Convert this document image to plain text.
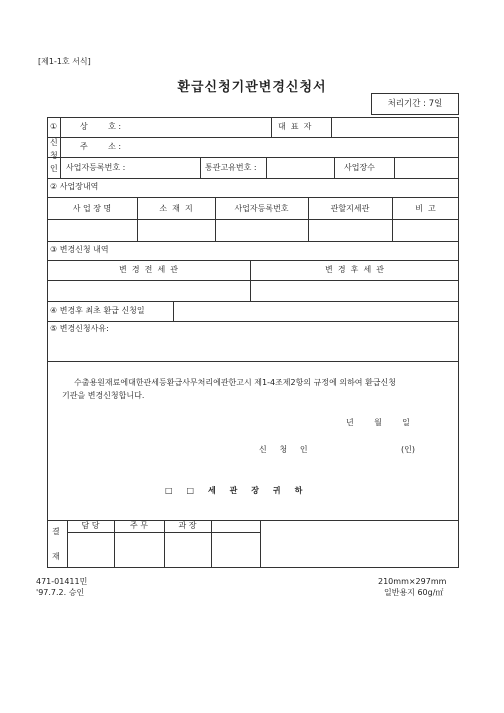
[제1-1호 서식]
환급신청기관변경신청서
처리기간 : 7일
①
신
청
인
상        호 :	대  표  자
주        소 :
사업자등록번호 :	통관고유번호 :	사업장수
② 사업장내역
사 업 장 명	소  재  지	사업자등록번호	관할지세관	비  고
③ 변경신청 내역
변  경  전  세  관	변  경  후  세  관
④ 변경후 최초 환급 신청일
⑤ 변경신청사유:
수출용원재료에대한관세등환급사무처리에관한고시 제1-4조제2항의 규정에 의하여 환급신청
기관을 변경신청합니다.
년        월        일
신     청     인	(인)
□     □     세     관     장     귀     하
결
재
담 당	주 무	과 장
471-01411민
'97.7.2. 승인
210mm×297mm
일반용지 60g/㎡
